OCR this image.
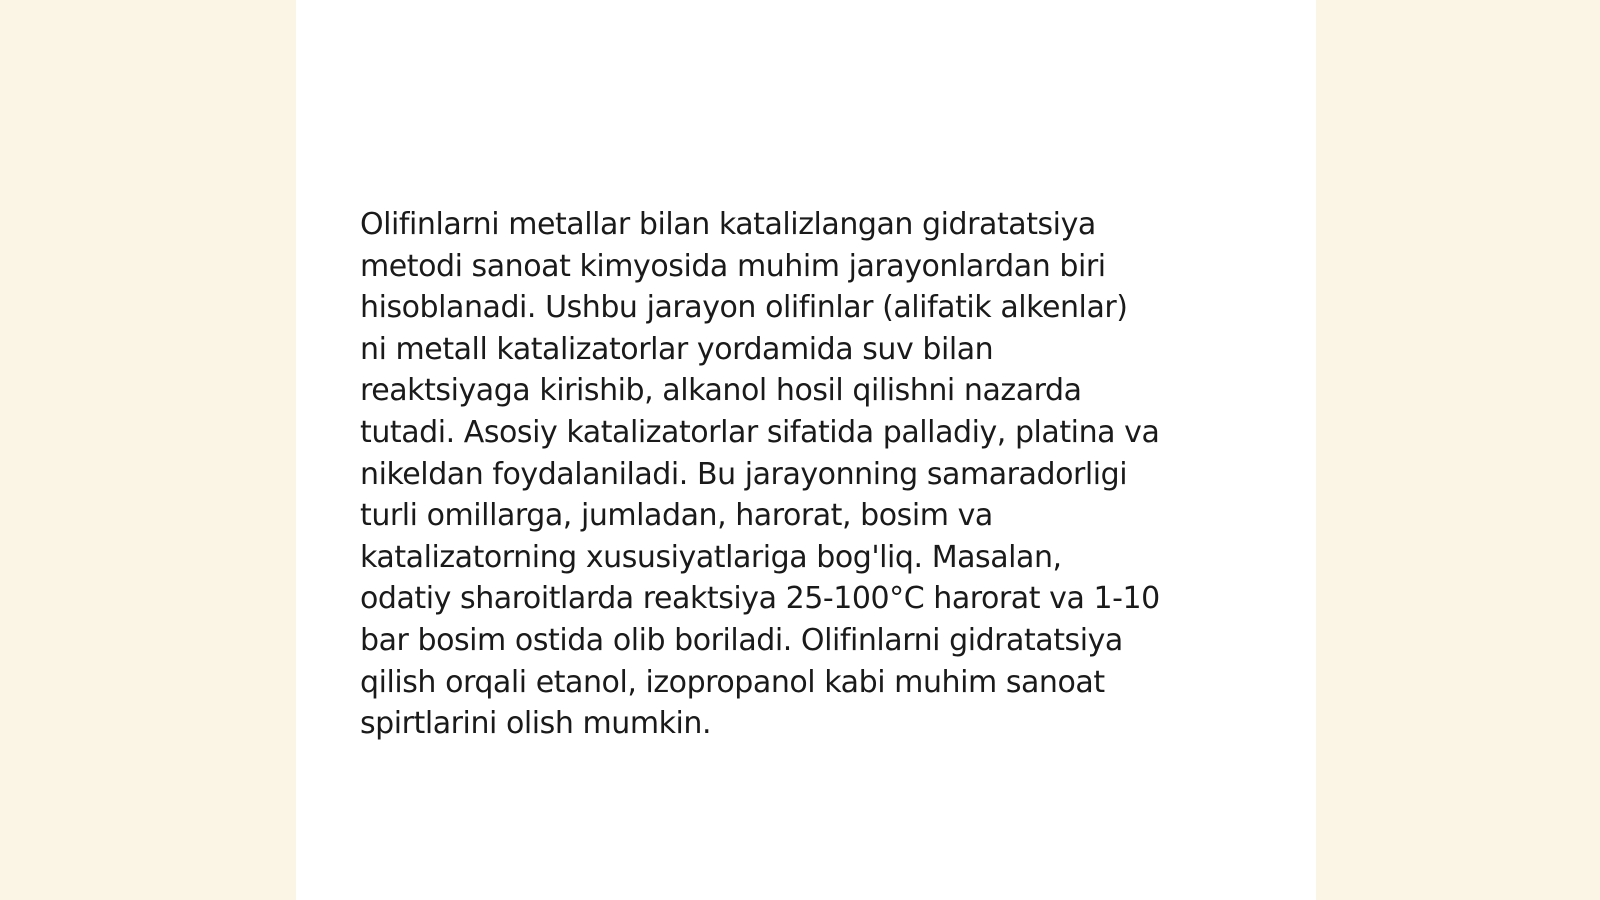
Olifinlarni metallar bilan katalizlangan gidratatsiya
metodi sanoat kimyosida muhim jarayonlardan biri
hisoblanadi. Ushbu jarayon olifinlar (alifatik alkenlar)
ni metall katalizatorlar yordamida suv bilan
reaktsiyaga kirishib, alkanol hosil qilishni nazarda
tutadi. Asosiy katalizatorlar sifatida palladiy, platina va
nikeldan foydalaniladi. Bu jarayonning samaradorligi
turli omillarga, jumladan, harorat, bosim va
katalizatorning xususiyatlariga bog'liq. Masalan,
odatiy sharoitlarda reaktsiya 25-100°C harorat va 1-10
bar bosim ostida olib boriladi. Olifinlarni gidratatsiya
qilish orqali etanol, izopropanol kabi muhim sanoat
spirtlarini olish mumkin.
